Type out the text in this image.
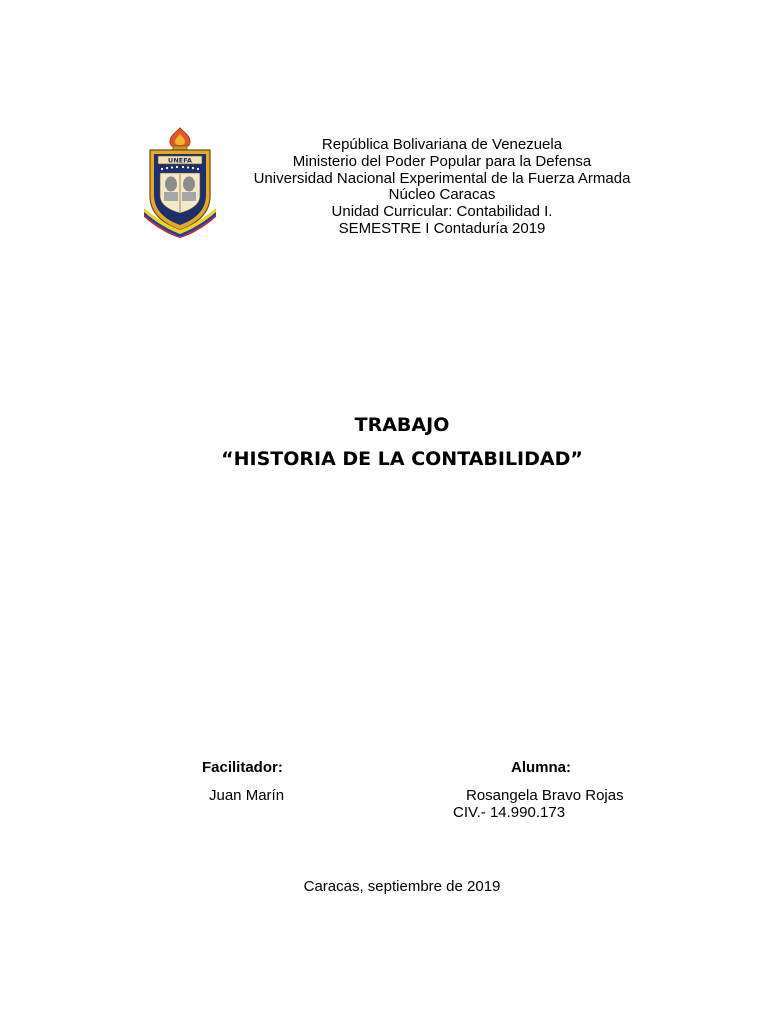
UNEFA
República Bolivariana de Venezuela
Ministerio del Poder Popular para la Defensa
Universidad Nacional Experimental de la Fuerza Armada
Núcleo Caracas
Unidad Curricular: Contabilidad I.
SEMESTRE I Contaduría 2019
TRABAJO
“HISTORIA DE LA CONTABILIDAD”
Facilitador:
Juan Marín
Alumna:
Rosangela Bravo Rojas
CIV.- 14.990.173
Caracas, septiembre de 2019
